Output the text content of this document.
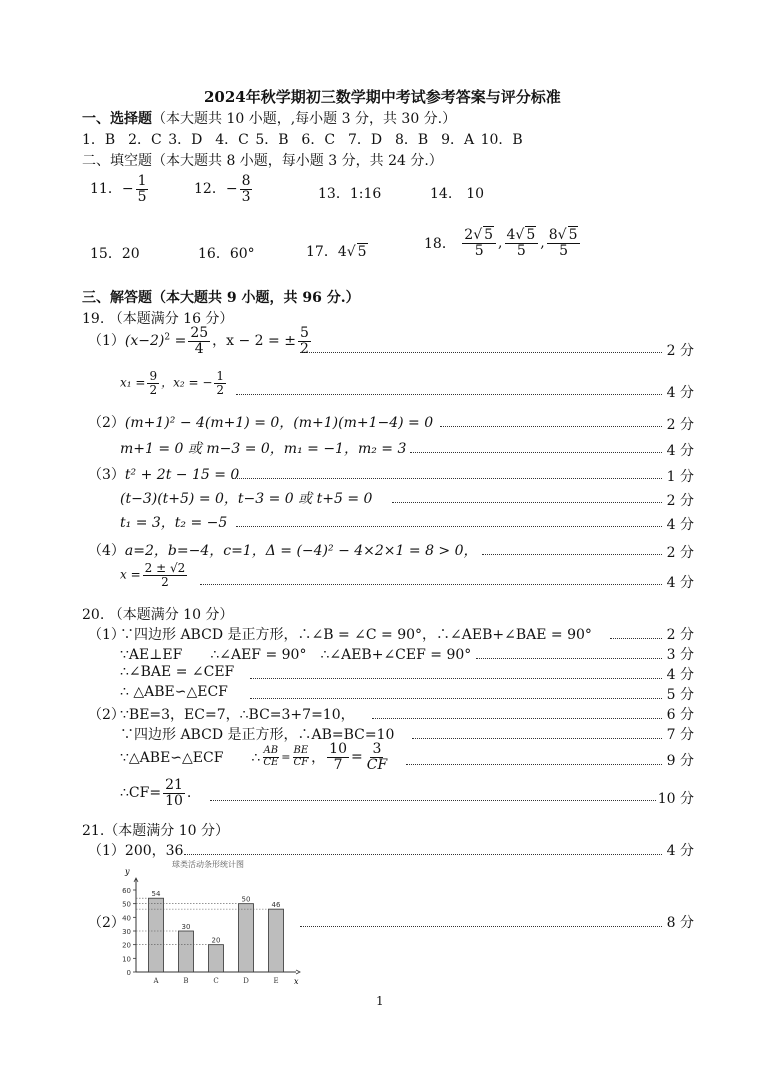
2024年秋学期初三数学期中考试参考答案与评分标准
一、选择题（本大题共 10 小题，,每小题 3 分，共 30 分.）
1．B 2．C 3．D 4．C 5．B 6．C 7．D 8．B 9．A 10．B
二、填空题（本大题共 8 小题，每小题 3 分，共 24 分.）
11．− $\frac{1}{5}$	12．− $\frac{8}{3}$	13．1:16	14.　10
15．20	16．60°	17．4 √ 5	18． $\frac{2 √ 5}{5}$ , $\frac{4 √ 5}{5}$ , $\frac{8 √ 5}{5}$
三、解答题（本大题共 9 小题，共 96 分.）
19. （本题满分 16 分）
$(1)(x-2)^2 = \frac{25}{4}$ ，x − 2 = ± $\frac{5}{2}$	2 分
$x_1 = \frac{9}{2}$ ，x₂ = − $\frac{1}{2}$	4 分
（2）(m+1)² − 4(m+1) = 0，(m+1)(m+1−4) = 0	2 分
m+1 = 0 或 m−3 = 0，m₁ = −1，m₂ = 3	4 分
（3）t² + 2t − 15 = 0	1 分
(t−3)(t+5) = 0，t−3 = 0 或 t+5 = 0	2 分
t₁ = 3，t₂ = −5	4 分
（4）a=2，b=−4，c=1，Δ = (−4)² − 4×2×1 = 8 > 0，	2 分
$x = \frac{2 \pm √2}{2}$	4 分
20. （本题满分 10 分）
（1）
∵四边形 ABCD 是正方形，∴∠B = ∠C = 90°，∴∠AEB+∠BAE = 90°	2 分
∵AE⊥EF　　∴∠AEF = 90°　∴∠AEB+∠CEF = 90°	3 分
∴∠BAE = ∠CEF	4 分
∴ △ABE∽△ECF	5 分
（2）
∵BE=3，EC=7，∴BC=3+7=10，	6 分
∵四边形 ABCD 是正方形，∴AB=BC=10	7 分
∵△ABE∽△ECF　　∴ $\frac{AB}{CE} = \frac{BE}{CF}$ ， $\frac{10}{7} = \frac{3}{CF}$	9 分
∴CF= $\frac{21}{10}$ .	10 分
21.（本题满分 10 分）
（1）200，36	4 分
（2）	8 分
球类活动条形统计图
y
x
0
10
20
30
40
50
60	54
A
30
B
20
C
50
D
46
E
1
